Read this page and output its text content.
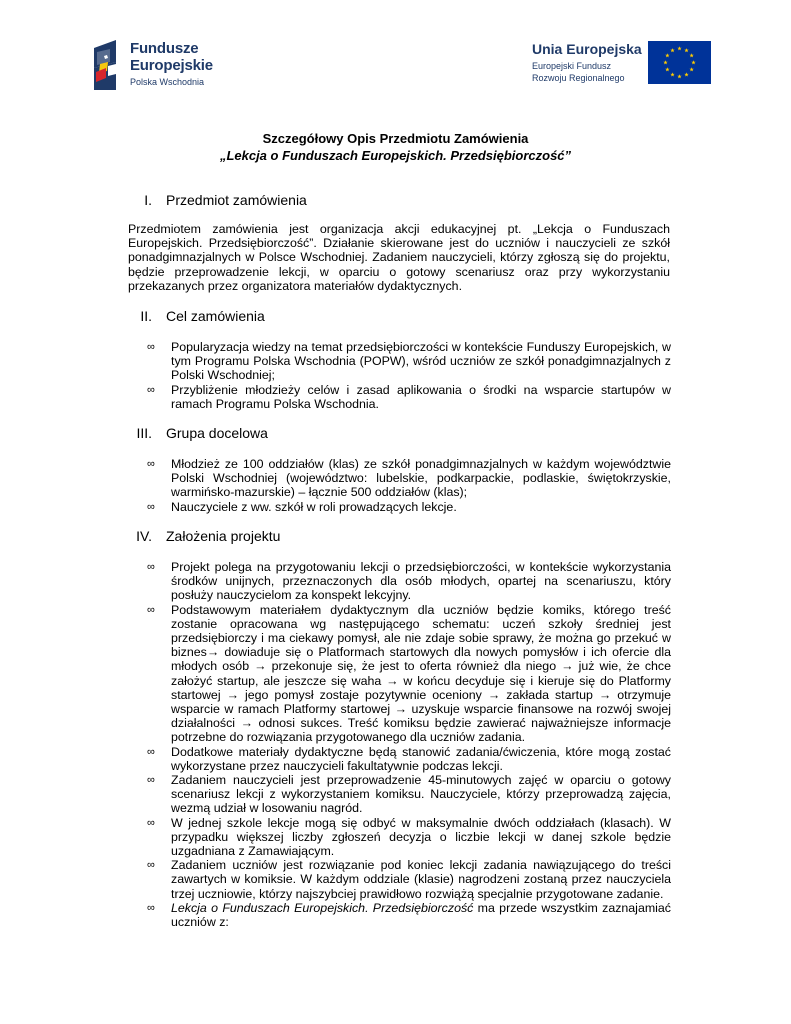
Fundusze
Europejskie
Polska Wschodnia
Unia Europejska
Europejski Fundusz
Rozwoju Regionalnego
Szczegółowy Opis Przedmiotu Zamówienia
„Lekcja o Funduszach Europejskich. Przedsiębiorczość”
I. Przedmiot zamówienia
Przedmiotem zamówienia jest organizacja akcji edukacyjnej pt. „Lekcja o Funduszach Europejskich. Przedsiębiorczość”. Działanie skierowane jest do uczniów i nauczycieli ze szkół ponadgimnazjalnych w Polsce Wschodniej. Zadaniem nauczycieli, którzy zgłoszą się do projektu, będzie przeprowadzenie lekcji, w oparciu o gotowy scenariusz oraz przy wykorzystaniu przekazanych przez organizatora materiałów dydaktycznych.
II. Cel zamówienia
∞ Popularyzacja wiedzy na temat przedsiębiorczości w kontekście Funduszy Europejskich, w tym Programu Polska Wschodnia (POPW), wśród uczniów ze szkół ponadgimnazjalnych z Polski Wschodniej;
∞ Przybliżenie młodzieży celów i zasad aplikowania o środki na wsparcie startupów w ramach Programu Polska Wschodnia.
III. Grupa docelowa
∞ Młodzież ze 100 oddziałów (klas) ze szkół ponadgimnazjalnych w każdym województwie Polski Wschodniej (województwo: lubelskie, podkarpackie, podlaskie, świętokrzyskie, warmińsko-mazurskie) – łącznie 500 oddziałów (klas);
∞ Nauczyciele z ww. szkół w roli prowadzących lekcje.
IV. Założenia projektu
∞ Projekt polega na przygotowaniu lekcji o przedsiębiorczości, w kontekście wykorzystania środków unijnych, przeznaczonych dla osób młodych, opartej na scenariuszu, który posłuży nauczycielom za konspekt lekcyjny.
∞ Podstawowym materiałem dydaktycznym dla uczniów będzie komiks, którego treść zostanie opracowana wg następującego schematu: uczeń szkoły średniej jest przedsiębiorczy i ma ciekawy pomysł, ale nie zdaje sobie sprawy, że można go przekuć w biznes→ dowiaduje się o Platformach startowych dla nowych pomysłów i ich ofercie dla młodych osób → przekonuje się, że jest to oferta również dla niego → już wie, że chce założyć startup, ale jeszcze się waha → w końcu decyduje się i kieruje się do Platformy startowej → jego pomysł zostaje pozytywnie oceniony → zakłada startup → otrzymuje wsparcie w ramach Platformy startowej → uzyskuje wsparcie finansowe na rozwój swojej działalności → odnosi sukces. Treść komiksu będzie zawierać najważniejsze informacje potrzebne do rozwiązania przygotowanego dla uczniów zadania.
∞ Dodatkowe materiały dydaktyczne będą stanowić zadania/ćwiczenia, które mogą zostać wykorzystane przez nauczycieli fakultatywnie podczas lekcji.
∞ Zadaniem nauczycieli jest przeprowadzenie 45-minutowych zajęć w oparciu o gotowy scenariusz lekcji z wykorzystaniem komiksu. Nauczyciele, którzy przeprowadzą zajęcia, wezmą udział w losowaniu nagród.
∞ W jednej szkole lekcje mogą się odbyć w maksymalnie dwóch oddziałach (klasach). W przypadku większej liczby zgłoszeń decyzja o liczbie lekcji w danej szkole będzie uzgadniana z Zamawiającym.
∞ Zadaniem uczniów jest rozwiązanie pod koniec lekcji zadania nawiązującego do treści zawartych w komiksie. W każdym oddziale (klasie) nagrodzeni zostaną przez nauczyciela trzej uczniowie, którzy najszybciej prawidłowo rozwiążą specjalnie przygotowane zadanie.
∞ Lekcja o Funduszach Europejskich. Przedsiębiorczość ma przede wszystkim zaznajamiać uczniów z:
